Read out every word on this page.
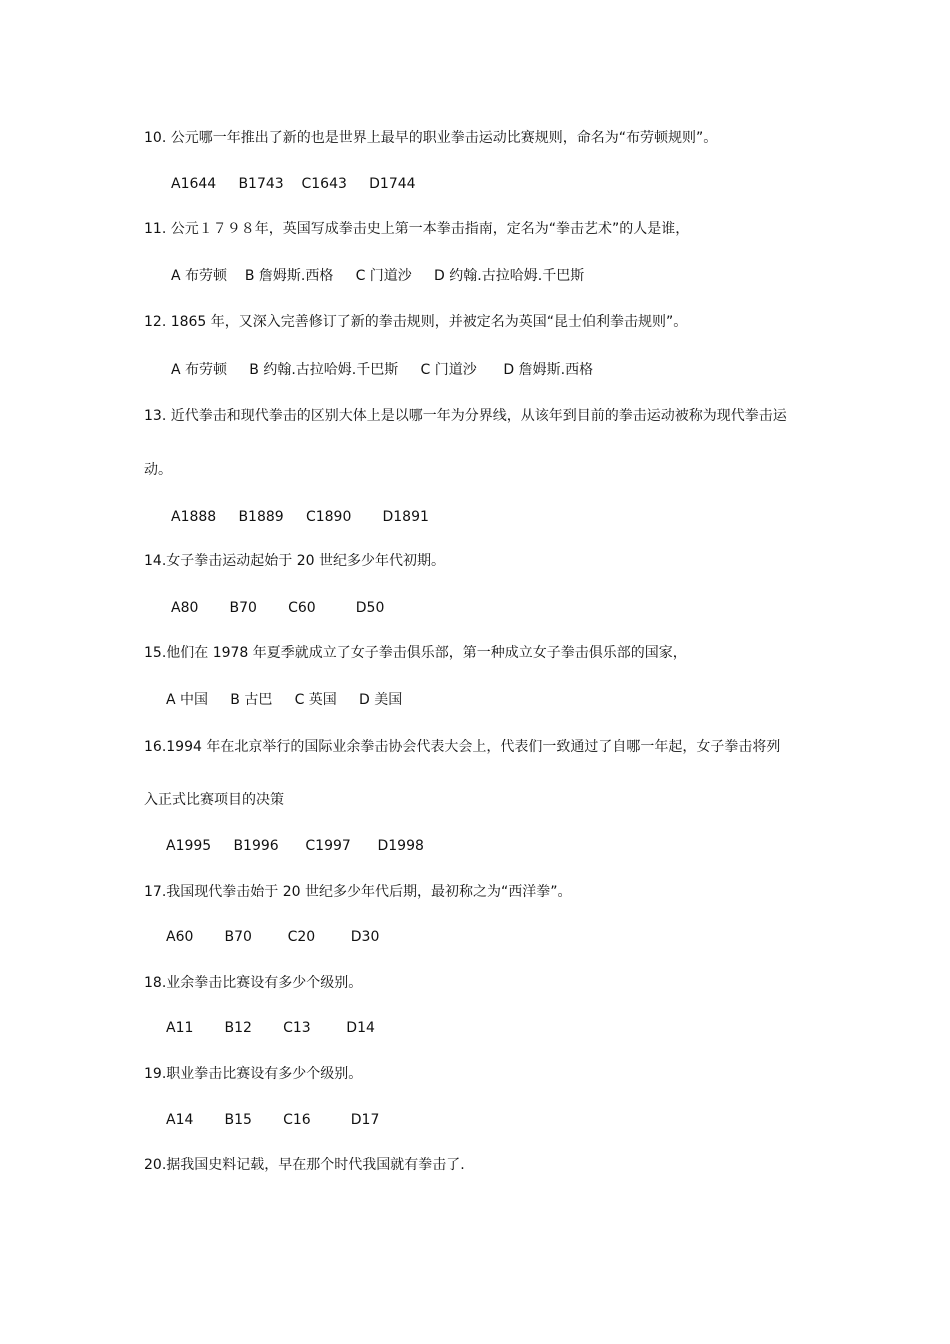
10. 公元哪一年推出了新的也是世界上最早的职业拳击运动比赛规则，命名为“布劳顿规则”。
A1644     B1743    C1643     D1744
11. 公元１７９８年，英国写成拳击史上第一本拳击指南，定名为“拳击艺术”的人是谁，
A 布劳顿    B 詹姆斯.西格     C 门道沙     D 约翰.古拉哈姆.千巴斯
12. 1865 年，又深入完善修订了新的拳击规则，并被定名为英国“昆士伯利拳击规则”。
A 布劳顿     B 约翰.古拉哈姆.千巴斯     C 门道沙      D 詹姆斯.西格
13. 近代拳击和现代拳击的区别大体上是以哪一年为分界线，从该年到目前的拳击运动被称为现代拳击运
动。
A1888     B1889     C1890       D1891
14.女子拳击运动起始于 20 世纪多少年代初期。
A80       B70       C60         D50
15.他们在 1978 年夏季就成立了女子拳击俱乐部，第一种成立女子拳击俱乐部的国家，
A 中国     B 古巴     C 英国     D 美国
16.1994 年在北京举行的国际业余拳击协会代表大会上，代表们一致通过了自哪一年起，女子拳击将列
入正式比赛项目的决策
A1995     B1996      C1997      D1998
17.我国现代拳击始于 20 世纪多少年代后期，最初称之为“西洋拳”。
A60       B70        C20        D30
18.业余拳击比赛设有多少个级别。
A11       B12       C13        D14
19.职业拳击比赛设有多少个级别。
A14       B15       C16         D17
20.据我国史料记载，早在那个时代我国就有拳击了.
